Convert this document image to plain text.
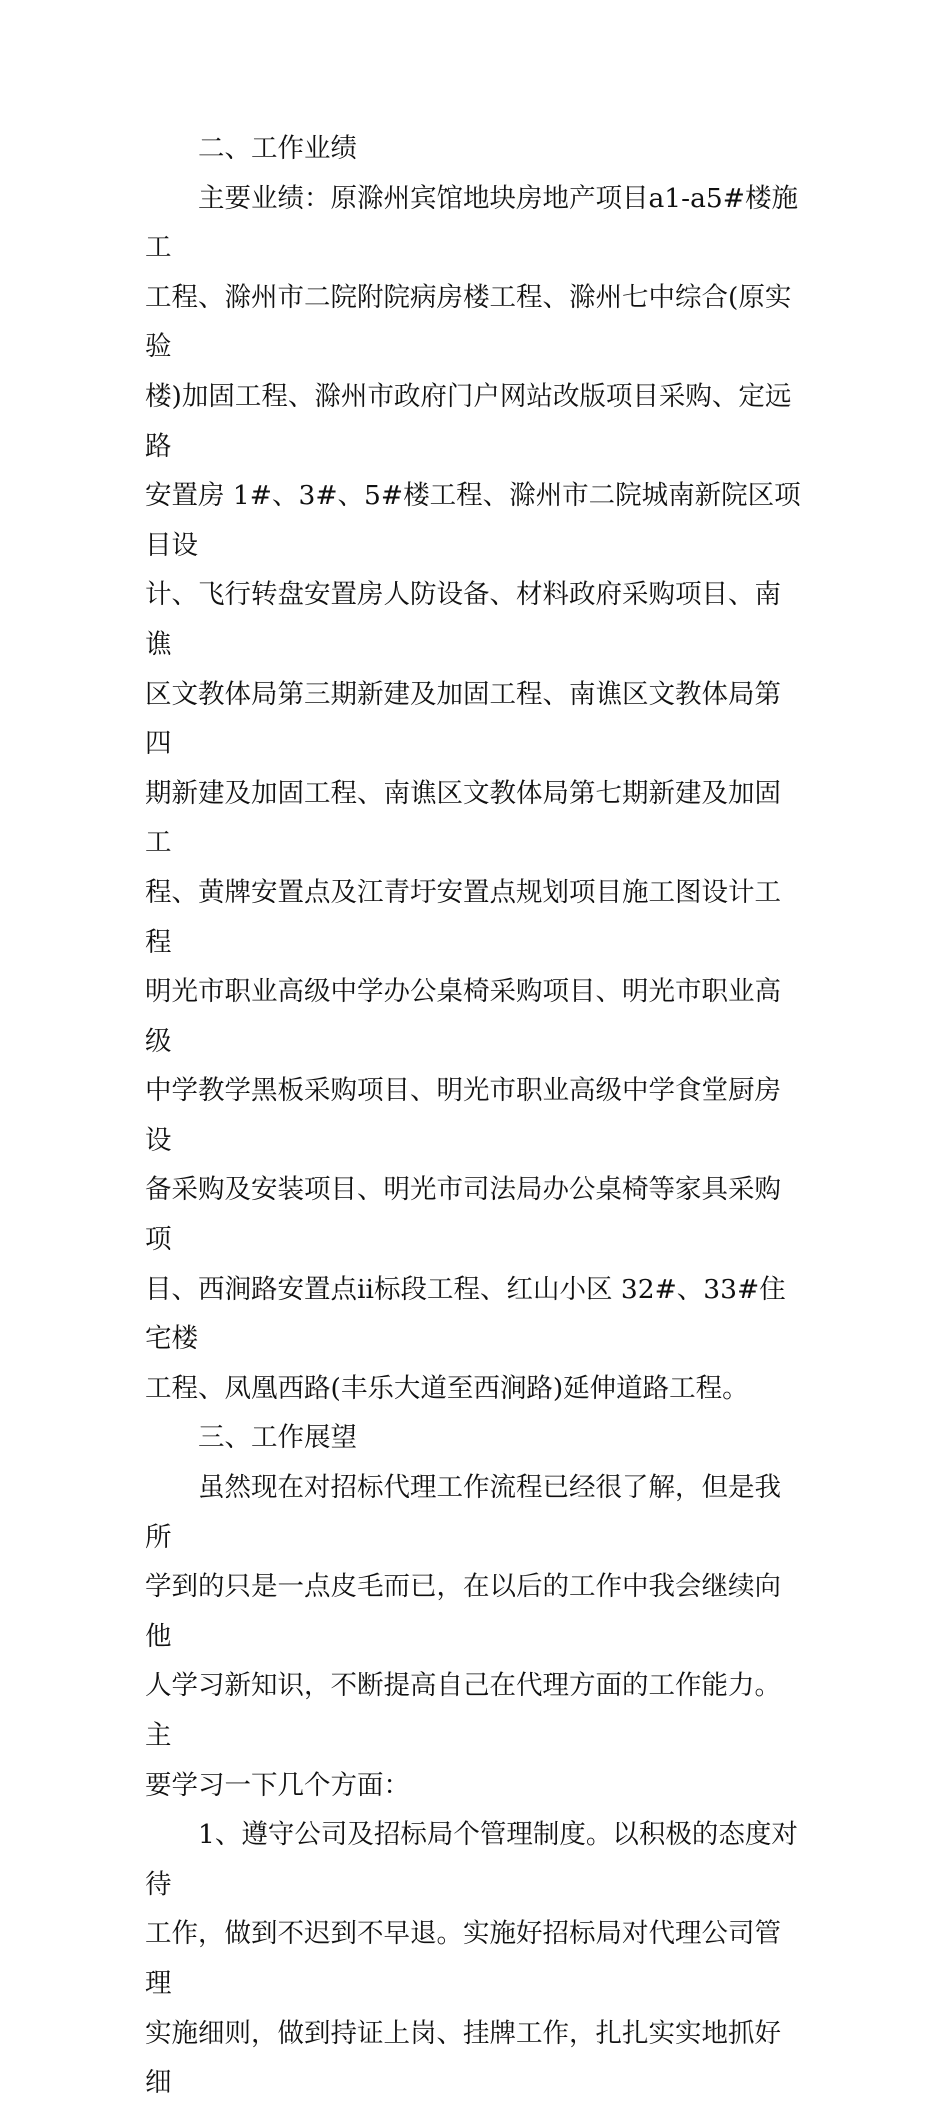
二、工作业绩

主要业绩：原滁州宾馆地块房地产项目a1-a5#楼施工

工程、滁州市二院附院病房楼工程、滁州七中综合(原实验

楼)加固工程、滁州市政府门户网站改版项目采购、定远路

安置房 1#、3#、5#楼工程、滁州市二院城南新院区项目设

计、飞行转盘安置房人防设备、材料政府采购项目、南谯

区文教体局第三期新建及加固工程、南谯区文教体局第四

期新建及加固工程、南谯区文教体局第七期新建及加固工

程、黄牌安置点及江青圩安置点规划项目施工图设计工程

明光市职业高级中学办公桌椅采购项目、明光市职业高级

中学教学黑板采购项目、明光市职业高级中学食堂厨房设

备采购及安装项目、明光市司法局办公桌椅等家具采购项

目、西涧路安置点ii标段工程、红山小区 32#、33#住宅楼

工程、凤凰西路(丰乐大道至西涧路)延伸道路工程。

三、工作展望

虽然现在对招标代理工作流程已经很了解，但是我所

学到的只是一点皮毛而已，在以后的工作中我会继续向他

人学习新知识，不断提高自己在代理方面的工作能力。主

要学习一下几个方面：

1、遵守公司及招标局个管理制度。以积极的态度对待

工作，做到不迟到不早退。实施好招标局对代理公司管理

实施细则，做到持证上岗、挂牌工作，扎扎实实地抓好细
